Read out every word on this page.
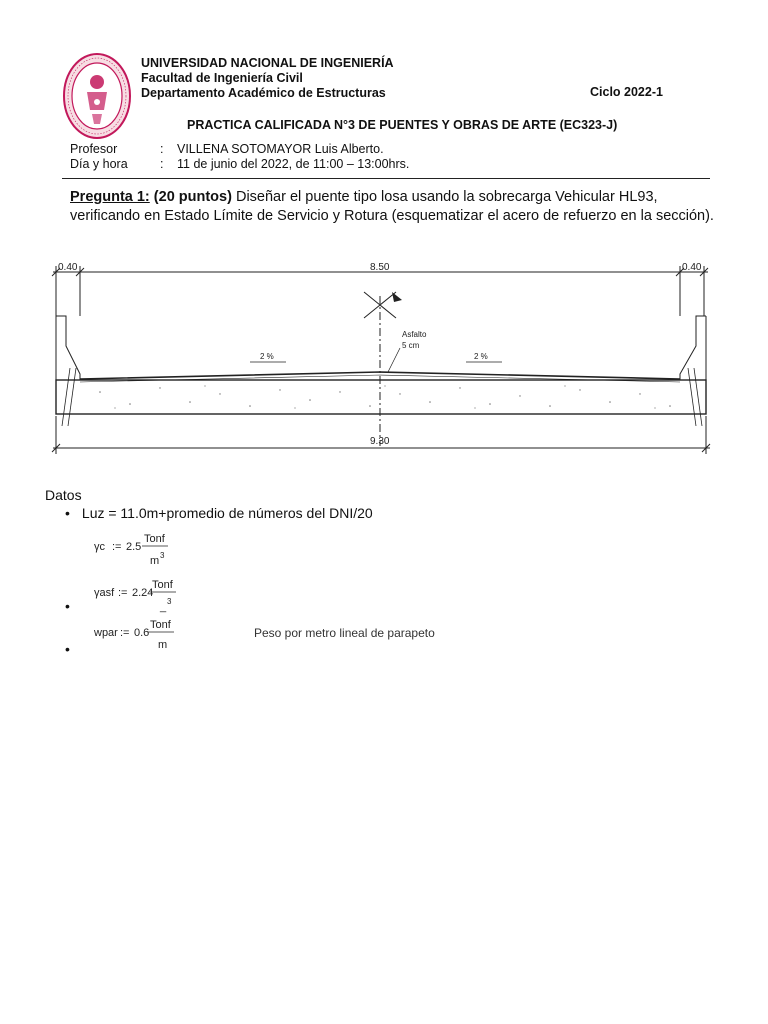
UNIVERSIDAD NACIONAL DE INGENIERÍA
Facultad de Ingeniería Civil
Departamento Académico de Estructuras	Ciclo 2022-1
PRACTICA CALIFICADA N°3 DE PUENTES Y OBRAS DE ARTE (EC323-J)
Profesor	: VILLENA SOTOMAYOR Luis Alberto.
Día y hora	: 11 de junio del 2022, de 11:00 – 13:00hrs.
Pregunta 1: (20 puntos) Diseñar el puente tipo losa usando la sobrecarga Vehicular HL93, verificando en Estado Límite de Servicio y Rotura (esquematizar el acero de refuerzo en la sección).
0.40	8.50	0.40
9.30
2 %	2 %
Asfalto
5 cm
Datos
• Luz = 11.0m+promedio de números del DNI/20
γc := 2.5
Tonf
m 3
γasf := 2.24
Tonf
_ 3
•
wpar := 0.6
Tonf
m
Peso por metro lineal de parapeto
•
